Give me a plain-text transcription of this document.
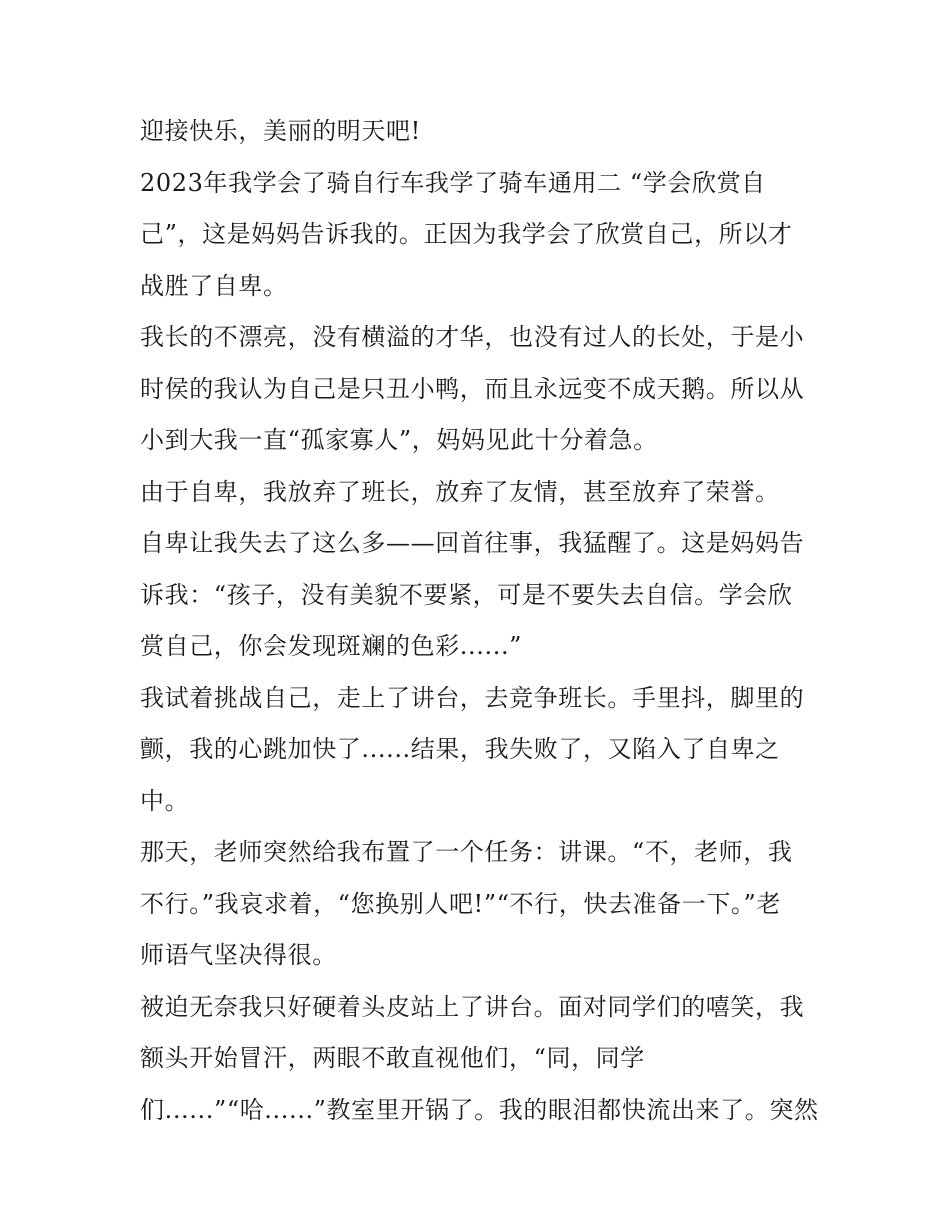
迎接快乐，美丽的明天吧!
2023年我学会了骑自行车我学了骑车通用二 “学会欣赏自
己”，这是妈妈告诉我的。正因为我学会了欣赏自己，所以才
战胜了自卑。
我长的不漂亮，没有横溢的才华，也没有过人的长处，于是小
时侯的我认为自己是只丑小鸭，而且永远变不成天鹅。所以从
小到大我一直“孤家寡人”，妈妈见此十分着急。
由于自卑，我放弃了班长，放弃了友情，甚至放弃了荣誉。
自卑让我失去了这么多——回首往事，我猛醒了。这是妈妈告
诉我：“孩子，没有美貌不要紧，可是不要失去自信。学会欣
赏自己，你会发现斑斓的色彩......”
我试着挑战自己，走上了讲台，去竞争班长。手里抖，脚里的
颤，我的心跳加快了......结果，我失败了，又陷入了自卑之
中。
那天，老师突然给我布置了一个任务：讲课。“不，老师，我
不行。”我哀求着，“您换别人吧!”“不行，快去准备一下。”老
师语气坚决得很。
被迫无奈我只好硬着头皮站上了讲台。面对同学们的嘻笑，我
额头开始冒汗，两眼不敢直视他们，“同，同学
们......”“哈......”教室里开锅了。我的眼泪都快流出来了。突然
